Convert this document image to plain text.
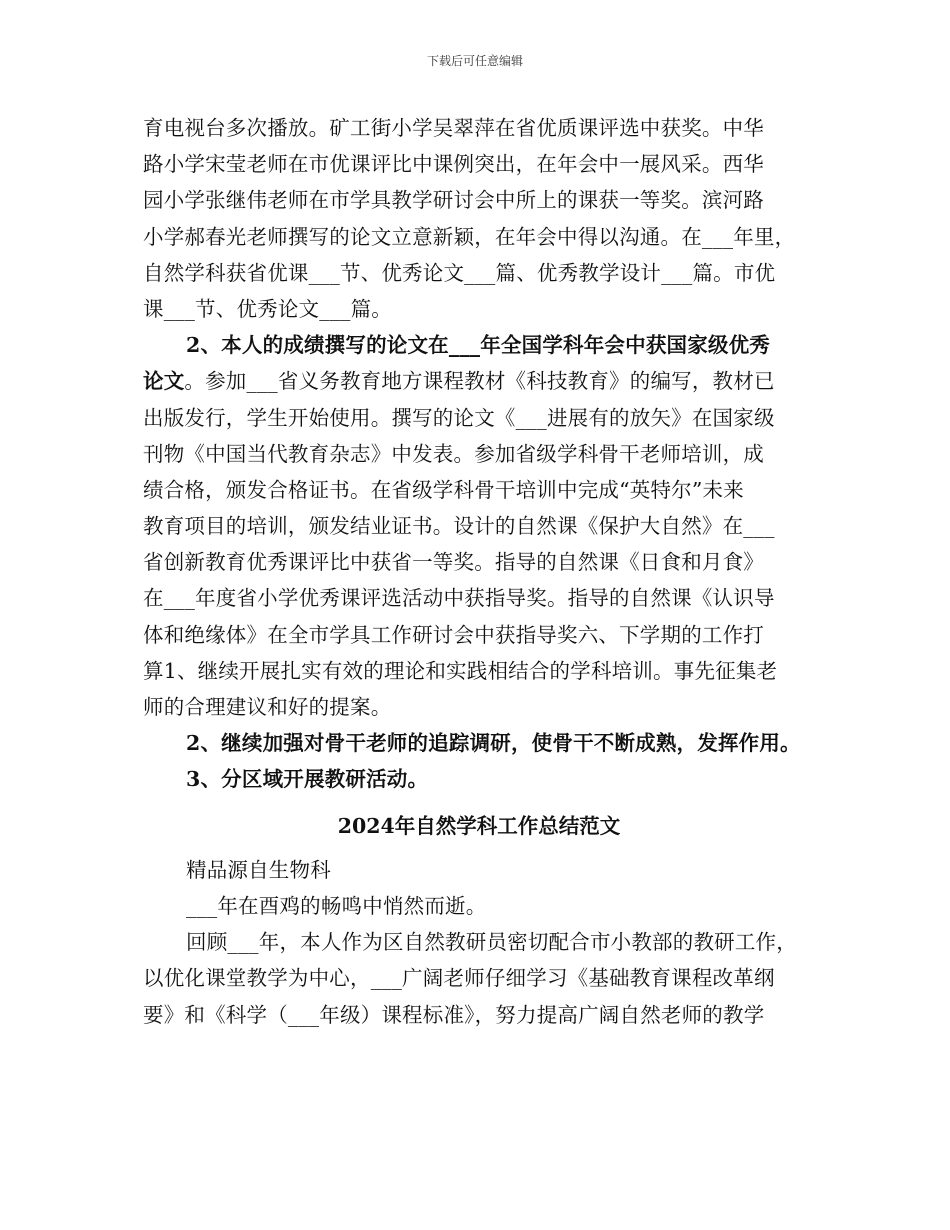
下载后可任意编辑
育电视台多次播放。矿工街小学吴翠萍在省优质课评选中获奖。中华
路小学宋莹老师在市优课评比中课例突出，在年会中一展风采。西华
园小学张继伟老师在市学具教学研讨会中所上的课获一等奖。滨河路
小学郝春光老师撰写的论文立意新颖，在年会中得以沟通。在___年里，
自然学科获省优课___节、优秀论文___篇、优秀教学设计___篇。市优
课___节、优秀论文___篇。
2、本人的成绩撰写的论文在___年全国学科年会中获国家级优秀
论文。参加___省义务教育地方课程教材《科技教育》的编写，教材已
出版发行，学生开始使用。撰写的论文《___进展有的放矢》在国家级
刊物《中国当代教育杂志》中发表。参加省级学科骨干老师培训，成
绩合格，颁发合格证书。在省级学科骨干培训中完成“英特尔”未来
教育项目的培训，颁发结业证书。设计的自然课《保护大自然》在___
省创新教育优秀课评比中获省一等奖。指导的自然课《日食和月食》
在___年度省小学优秀课评选活动中获指导奖。指导的自然课《认识导
体和绝缘体》在全市学具工作研讨会中获指导奖六、下学期的工作打
算1、继续开展扎实有效的理论和实践相结合的学科培训。事先征集老
师的合理建议和好的提案。
2、继续加强对骨干老师的追踪调研，使骨干不断成熟，发挥作用。
3、分区域开展教研活动。
2024年自然学科工作总结范文
精品源自生物科
___年在酉鸡的畅鸣中悄然而逝。
回顾___年，本人作为区自然教研员密切配合市小教部的教研工作，
以优化课堂教学为中心，___广阔老师仔细学习《基础教育课程改革纲
要》和《科学（___年级）课程标准》，努力提高广阔自然老师的教学
